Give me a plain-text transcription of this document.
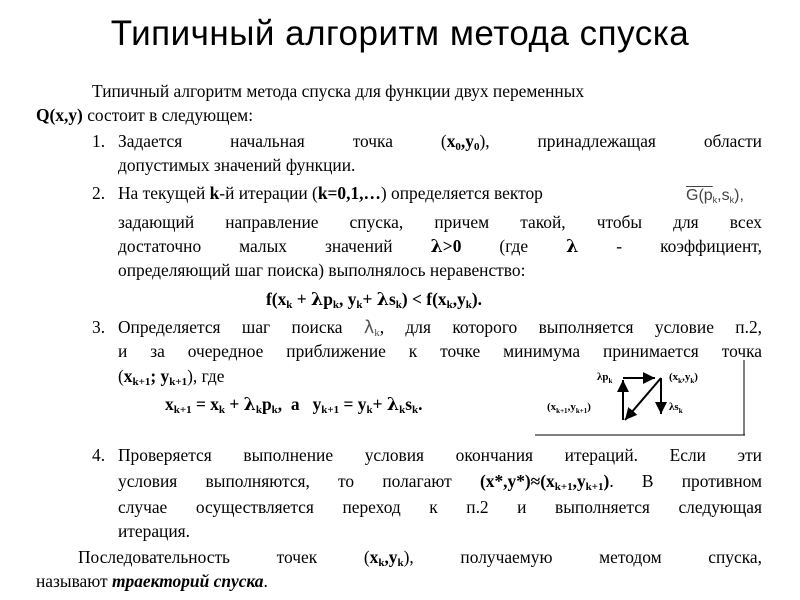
Типичный алгоритм метода спуска
Типичный алгоритм метода спуска для функции двух переменных
Q(x,y) состоит в следующем:
1. Задается	начальная	точка	$(x_0,y_0)$, принадлежащая	области
допустимых значений функции.
2. На текущей k-й итерации (k=0,1,…) определяется вектор	$G(p_k,s_k)$,
задающий направление спуска, причем такой, чтобы для всех
достаточно малых значений λ>0 (где λ - коэффициент,
определяющий шаг поиска) выполнялось неравенство:
$f(x_k + \lambda p_k$, $y_k+ \lambda s_k) < f(x_k,y_k)$.
3. Определяется шаг поиска $\lambda_k$, для которого выполняется условие п.2,
и за очередное приближение к точке минимума принимается точка
($x_{k+1}$; $y_{k+1}$), где
$x_{k+1} = x_k + \lambda_kp_k$, а $y_{k+1} = y_k+ \lambda_ks_k$.
$\lambda p_k$	$(x_k,y_k)$
$\lambda s_k$
$(x_{k+1},y_{k+1})$
4. Проверяется выполнение условия окончания итераций. Если эти
условия выполняются, то полагают $(x*,y*)\approx(x_{k+1},y_{k+1})$. В противном
случае осуществляется переход к п.2 и выполняется следующая
итерация.
Последовательность	точек	$(x_k,y_k)$,	получаемую	методом	спуска,
называют траекторий спуска.
